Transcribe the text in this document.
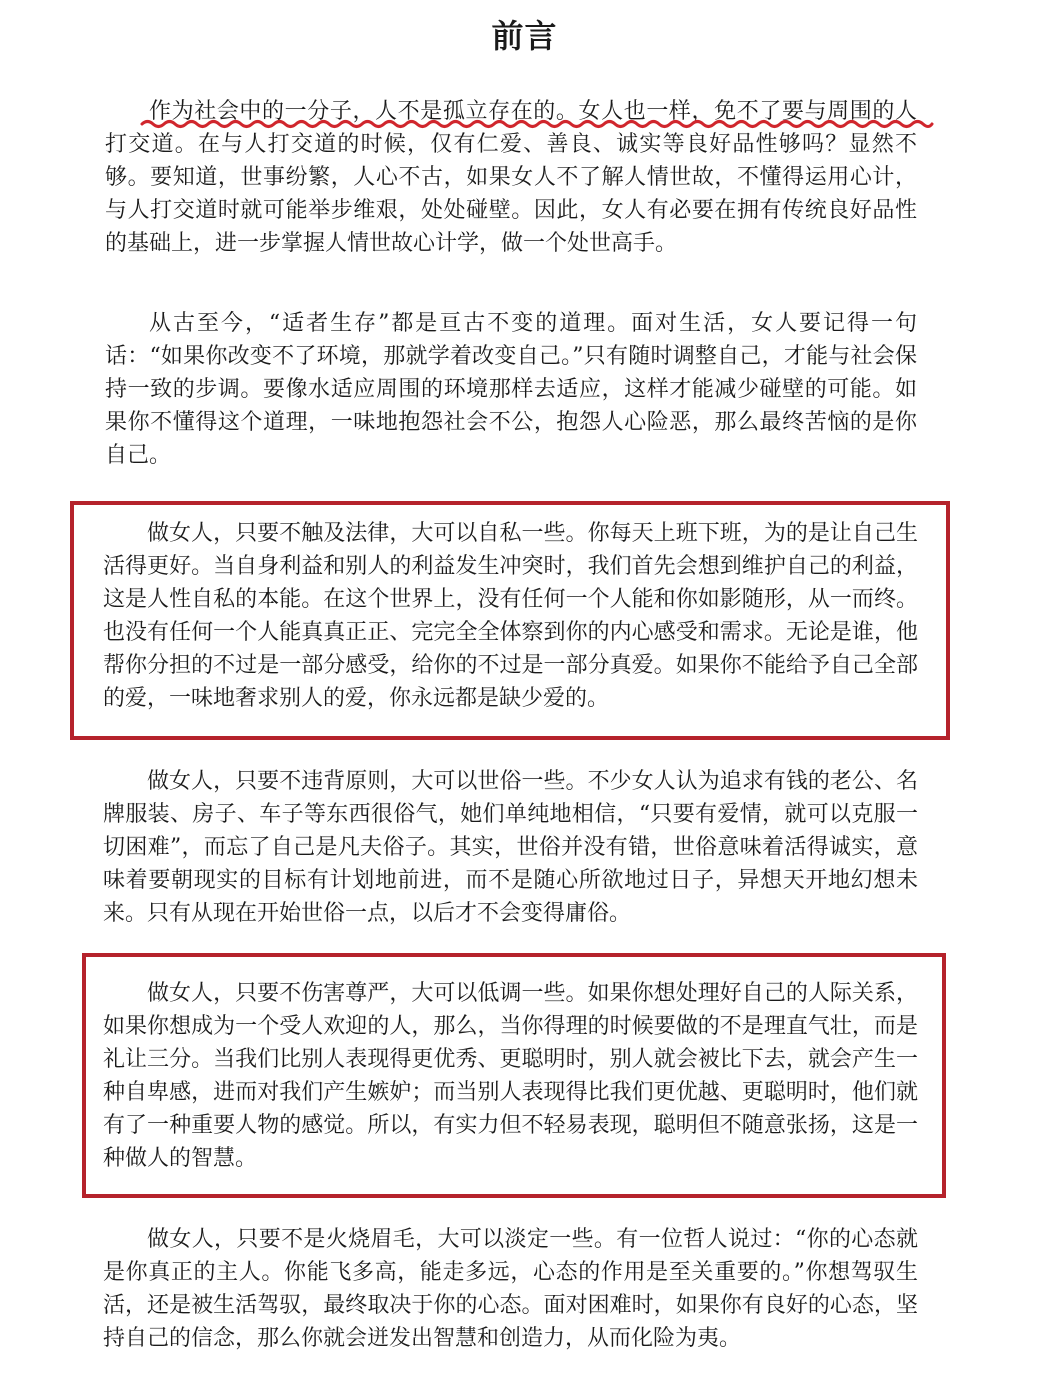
前言

作为社会中的一分子，人不是孤立存在的。女人也一样，免不了要与周围的人打交道。在与人打交道的时候，仅有仁爱、善良、诚实等良好品性够吗？显然不够。要知道，世事纷繁，人心不古，如果女人不了解人情世故，不懂得运用心计，与人打交道时就可能举步维艰，处处碰壁。因此，女人有必要在拥有传统良好品性的基础上，进一步掌握人情世故心计学，做一个处世高手。

从古至今，“适者生存”都是亘古不变的道理。面对生活，女人要记得一句话：“如果你改变不了环境，那就学着改变自己。”只有随时调整自己，才能与社会保持一致的步调。要像水适应周围的环境那样去适应，这样才能减少碰壁的可能。如果你不懂得这个道理，一味地抱怨社会不公，抱怨人心险恶，那么最终苦恼的是你自己。

做女人，只要不触及法律，大可以自私一些。你每天上班下班，为的是让自己生活得更好。当自身利益和别人的利益发生冲突时，我们首先会想到维护自己的利益，这是人性自私的本能。在这个世界上，没有任何一个人能和你如影随形，从一而终。也没有任何一个人能真真正正、完完全全体察到你的内心感受和需求。无论是谁，他帮你分担的不过是一部分感受，给你的不过是一部分真爱。如果你不能给予自己全部的爱，一味地奢求别人的爱，你永远都是缺少爱的。

做女人，只要不违背原则，大可以世俗一些。不少女人认为追求有钱的老公、名牌服装、房子、车子等东西很俗气，她们单纯地相信，“只要有爱情，就可以克服一切困难”，而忘了自己是凡夫俗子。其实，世俗并没有错，世俗意味着活得诚实，意味着要朝现实的目标有计划地前进，而不是随心所欲地过日子，异想天开地幻想未来。只有从现在开始世俗一点，以后才不会变得庸俗。

做女人，只要不伤害尊严，大可以低调一些。如果你想处理好自己的人际关系，如果你想成为一个受人欢迎的人，那么，当你得理的时候要做的不是理直气壮，而是礼让三分。当我们比别人表现得更优秀、更聪明时，别人就会被比下去，就会产生一种自卑感，进而对我们产生嫉妒；而当别人表现得比我们更优越、更聪明时，他们就有了一种重要人物的感觉。所以，有实力但不轻易表现，聪明但不随意张扬，这是一种做人的智慧。

做女人，只要不是火烧眉毛，大可以淡定一些。有一位哲人说过：“你的心态就是你真正的主人。你能飞多高，能走多远，心态的作用是至关重要的。”你想驾驭生活，还是被生活驾驭，最终取决于你的心态。面对困难时，如果你有良好的心态，坚持自己的信念，那么你就会迸发出智慧和创造力，从而化险为夷。
